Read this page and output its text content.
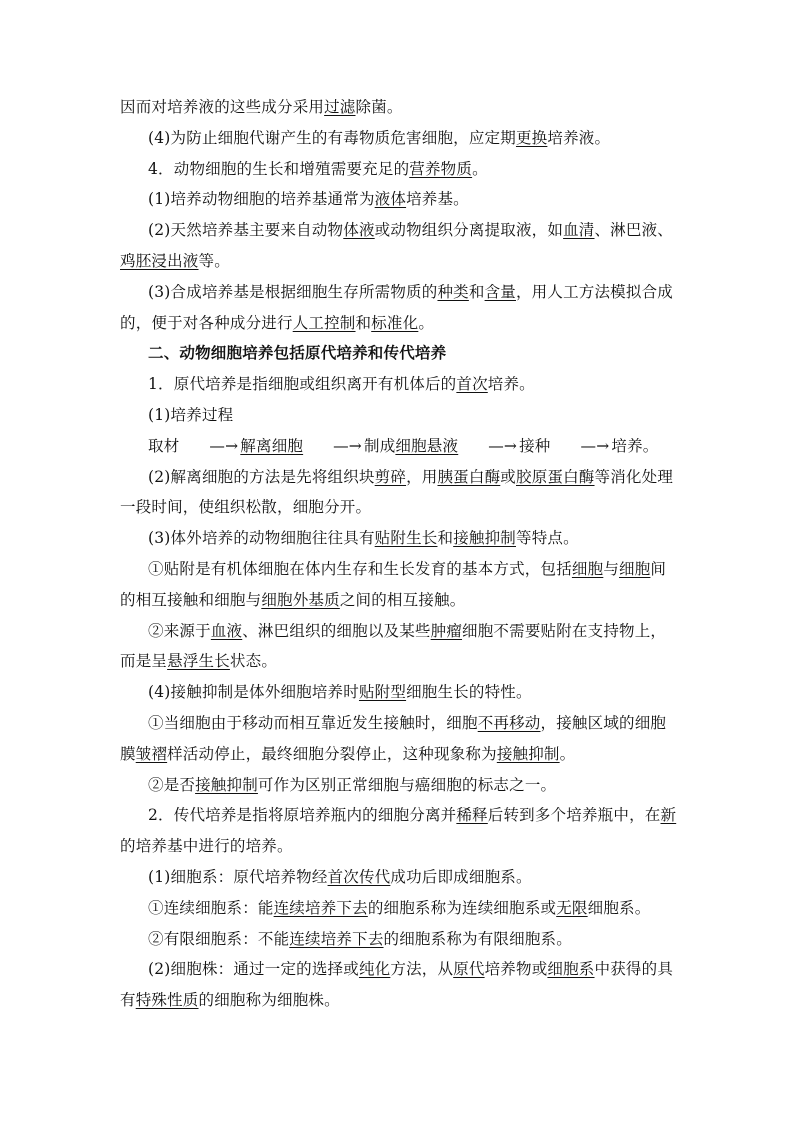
因而对培养液的这些成分采用过滤除菌。

(4)为防止细胞代谢产生的有毒物质危害细胞，应定期更换培养液。

4．动物细胞的生长和增殖需要充足的营养物质。

(1)培养动物细胞的培养基通常为液体培养基。

(2)天然培养基主要来自动物体液或动物组织分离提取液，如血清、淋巴液、鸡胚浸出液等。

(3)合成培养基是根据细胞生存所需物质的种类和含量，用人工方法模拟合成的，便于对各种成分进行人工控制和标准化。

二、动物细胞培养包括原代培养和传代培养

1．原代培养是指细胞或组织离开有机体后的首次培养。

(1)培养过程

取材 —→ 解离细胞 —→ 制成细胞悬液 —→ 接种 —→ 培养。

(2)解离细胞的方法是先将组织块剪碎，用胰蛋白酶或胶原蛋白酶等消化处理一段时间，使组织松散，细胞分开。

(3)体外培养的动物细胞往往具有贴附生长和接触抑制等特点。

①贴附是有机体细胞在体内生存和生长发育的基本方式，包括细胞与细胞间的相互接触和细胞与细胞外基质之间的相互接触。

②来源于血液、淋巴组织的细胞以及某些肿瘤细胞不需要贴附在支持物上，而是呈悬浮生长状态。

(4)接触抑制是体外细胞培养时贴附型细胞生长的特性。

①当细胞由于移动而相互靠近发生接触时，细胞不再移动，接触区域的细胞膜皱褶样活动停止，最终细胞分裂停止，这种现象称为接触抑制。

②是否接触抑制可作为区别正常细胞与癌细胞的标志之一。

2．传代培养是指将原培养瓶内的细胞分离并稀释后转到多个培养瓶中，在新的培养基中进行的培养。

(1)细胞系：原代培养物经首次传代成功后即成细胞系。

①连续细胞系：能连续培养下去的细胞系称为连续细胞系或无限细胞系。

②有限细胞系：不能连续培养下去的细胞系称为有限细胞系。

(2)细胞株：通过一定的选择或纯化方法，从原代培养物或细胞系中获得的具有特殊性质的细胞称为细胞株。
